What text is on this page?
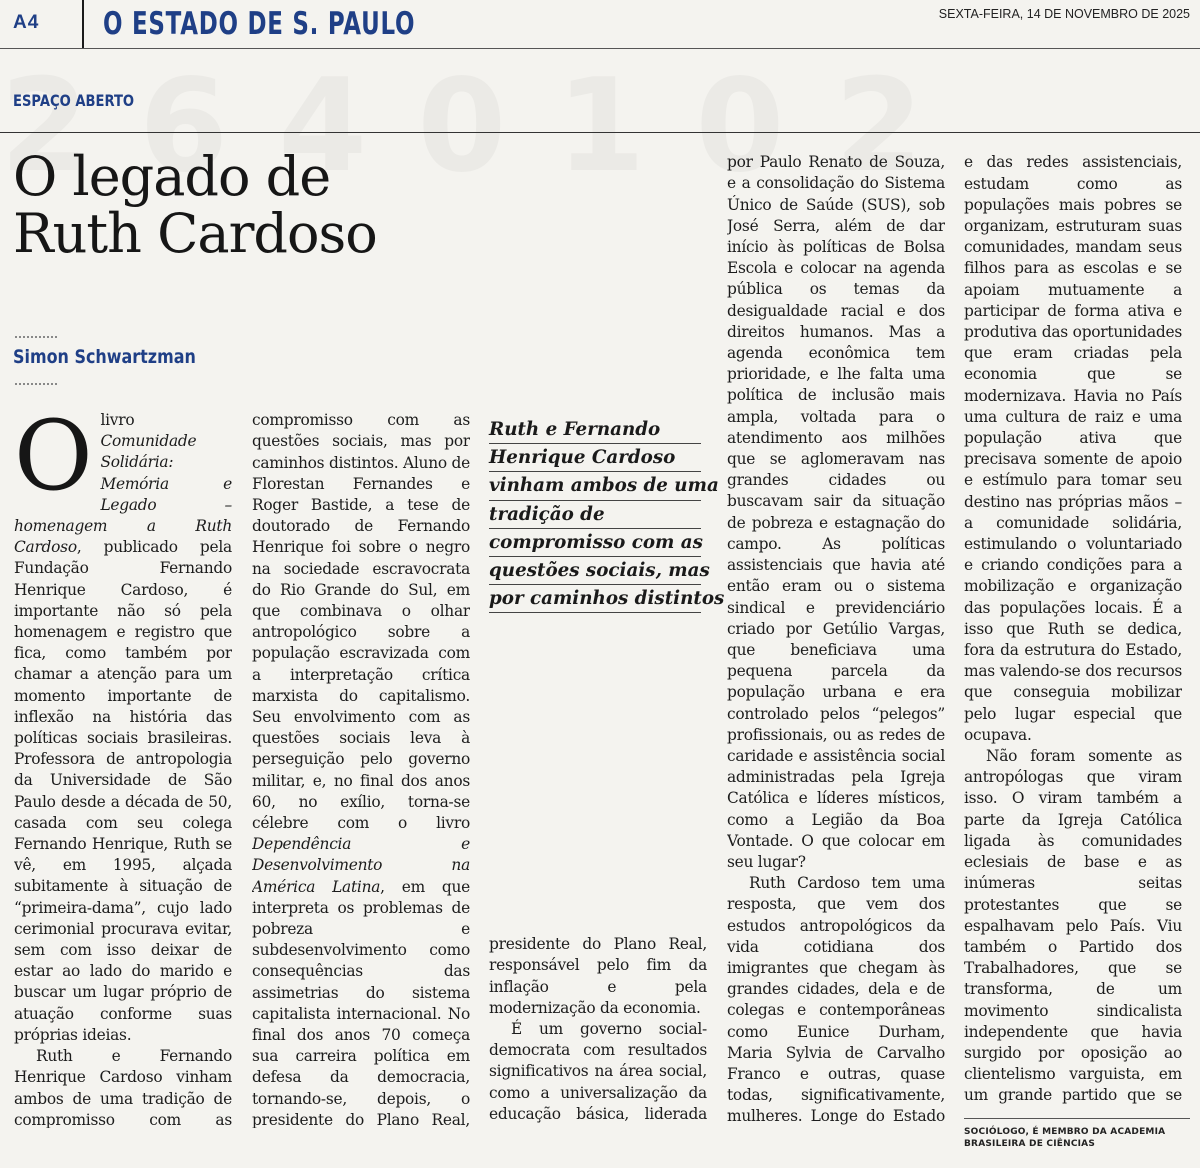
A4 O ESTADO DE S. PAULO	SEXTA-FEIRA, 14 DE NOVEMBRO DE 2025
ESPAÇO ABERTO
O legado de Ruth Cardoso
Simon Schwartzman

Olivro Comunidade Solidária: Memória e Legado – homenagem a Ruth Cardoso, publicado pela Fundação Fernando Henrique Cardoso, é importante não só pela homenagem e registro que fica, como também por chamar a atenção para um momento importante de inflexão na história das políticas sociais brasileiras. Professora de antropologia da Universidade de São Paulo desde a década de 50, casada com seu colega Fernando Henrique, Ruth se vê, em 1995, alçada subitamente à situação de “primeira-dama”, cujo lado cerimonial procurava evitar, sem com isso deixar de estar ao lado do marido e buscar um lugar próprio de atuação conforme suas próprias ideias.

Ruth e Fernando Henrique Cardoso vinham ambos de uma tradição de compromisso com as

compromisso com as questões sociais, mas por caminhos distintos. Aluno de Florestan Fernandes e Roger Bastide, a tese de doutorado de Fernando Henrique foi sobre o negro na sociedade escravocrata do Rio Grande do Sul, em que combinava o olhar antropológico sobre a população escravizada com a interpretação crítica marxista do capitalismo. Seu envolvimento com as questões sociais leva à perseguição pelo governo militar, e, no final dos anos 60, no exílio, torna-se célebre com o livro Dependência e Desenvolvimento na América Latina, em que interpreta os problemas de pobreza e subdesenvolvimento como consequências das assimetrias do sistema capitalista internacional. No final dos anos 70 começa sua carreira política em defesa da democracia, tornando-se, depois, o presidente do Plano Real,

presidente do Plano Real, responsável pelo fim da inflação e pela modernização da economia.

É um governo social-democrata com resultados significativos na área social, como a universalização da educação básica, liderada

por Paulo Renato de Souza, e a consolidação do Sistema Único de Saúde (SUS), sob José Serra, além de dar início às políticas de Bolsa Escola e colocar na agenda pública os temas da desigualdade racial e dos direitos humanos. Mas a agenda econômica tem prioridade, e lhe falta uma política de inclusão mais ampla, voltada para o atendimento aos milhões que se aglomeravam nas grandes cidades ou buscavam sair da situação de pobreza e estagnação do campo. As políticas assistenciais que havia até então eram ou o sistema sindical e previdenciário criado por Getúlio Vargas, que beneficiava uma pequena parcela da população urbana e era controlado pelos “pelegos” profissionais, ou as redes de caridade e assistência social administradas pela Igreja Católica e líderes místicos, como a Legião da Boa Vontade. O que colocar em seu lugar?

Ruth Cardoso tem uma resposta, que vem dos estudos antropológicos da vida cotidiana dos imigrantes que chegam às grandes cidades, dela e de colegas e contemporâneas como Eunice Durham, Maria Sylvia de Carvalho Franco e outras, quase todas, significativamente, mulheres. Longe do Estado

e das redes assistenciais, estudam como as populações mais pobres se organizam, estruturam suas comunidades, mandam seus filhos para as escolas e se apoiam mutuamente a participar de forma ativa e produtiva das oportunidades que eram criadas pela economia que se modernizava. Havia no País uma cultura de raiz e uma população ativa que precisava somente de apoio e estímulo para tomar seu destino nas próprias mãos – a comunidade solidária, estimulando o voluntariado e criando condições para a mobilização e organização das populações locais. É a isso que Ruth se dedica, fora da estrutura do Estado, mas valendo-se dos recursos que conseguia mobilizar pelo lugar especial que ocupava.

Não foram somente as antropólogas que viram isso. O viram também a parte da Igreja Católica ligada às comunidades eclesiais de base e as inúmeras seitas protestantes que se espalhavam pelo País. Viu também o Partido dos Trabalhadores, que se transforma, de um movimento sindicalista independente que havia surgido por oposição ao clientelismo varguista, em um grande partido que se

Ruth e Fernando
Henrique Cardoso
vinham ambos de uma
tradição de
compromisso com as
questões sociais, mas
por caminhos distintos
SOCIÓLOGO, É MEMBRO DA ACADEMIA BRASILEIRA DE CIÊNCIAS
